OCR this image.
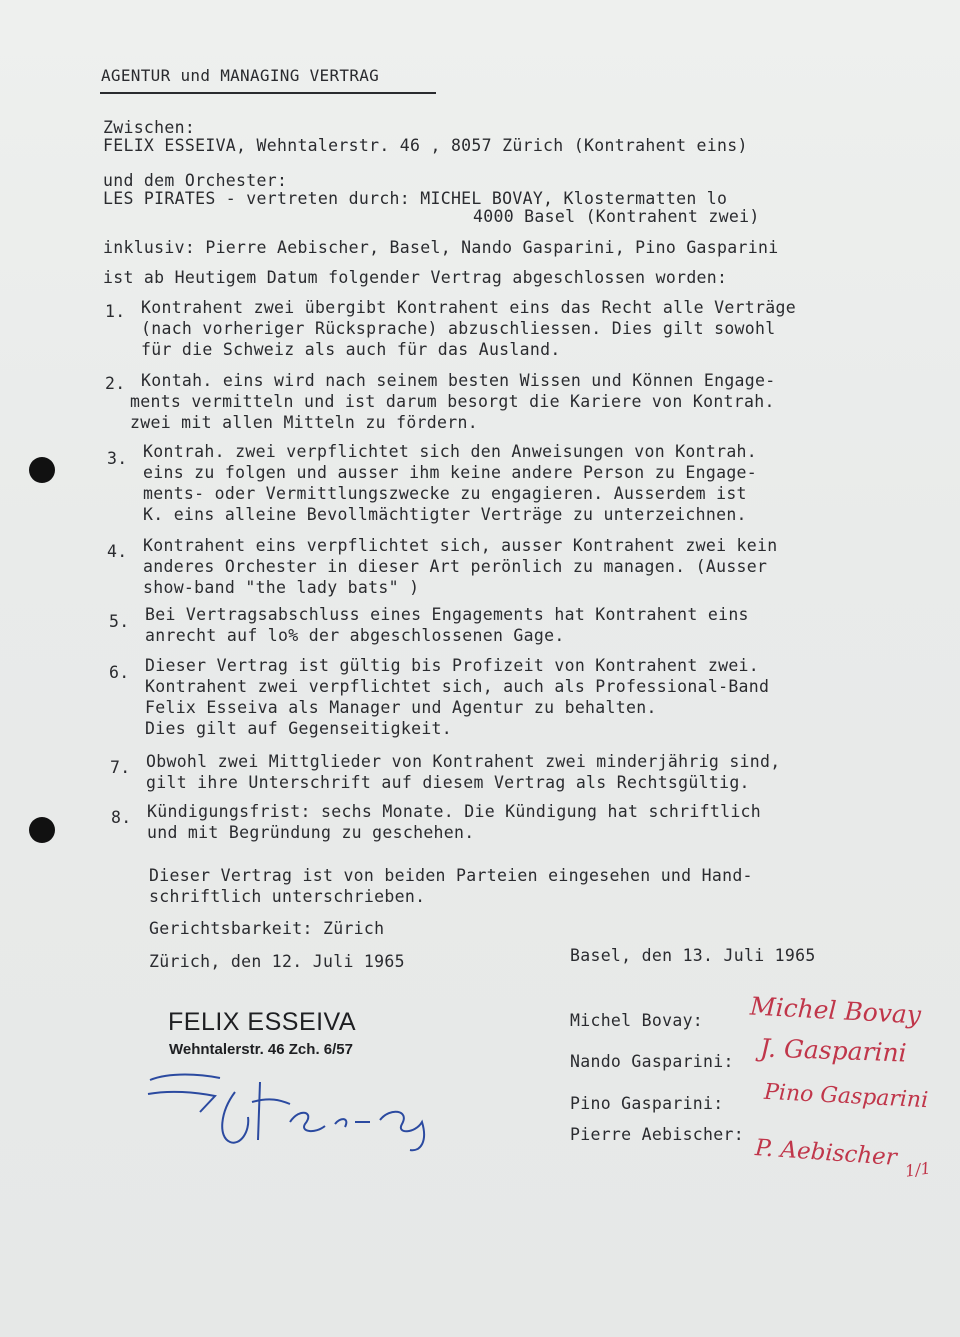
AGENTUR und MANAGING VERTRAG
Zwischen:
FELIX ESSEIVA, Wehntalerstr. 46 , 8057 Zürich (Kontrahent eins)
und dem Orchester:
LES PIRATES - vertreten durch: MICHEL BOVAY, Klostermatten lo
4000 Basel (Kontrahent zwei)
inklusiv: Pierre Aebischer, Basel, Nando Gasparini, Pino Gasparini
ist ab Heutigem Datum folgender Vertrag abgeschlossen worden:
1. Kontrahent zwei übergibt Kontrahent eins das Recht alle Verträge
(nach vorheriger Rücksprache) abzuschliessen. Dies gilt sowohl
für die Schweiz als auch für das Ausland.
2. Kontah. eins wird nach seinem besten Wissen und Können Engage-
ments vermitteln und ist darum besorgt die Kariere von Kontrah.
zwei mit allen Mitteln zu fördern.
3. Kontrah. zwei verpflichtet sich den Anweisungen von Kontrah.
eins zu folgen und ausser ihm keine andere Person zu Engage-
ments- oder Vermittlungszwecke zu engagieren. Ausserdem ist
K. eins alleine Bevollmächtigter Verträge zu unterzeichnen.
4. Kontrahent eins verpflichtet sich, ausser Kontrahent zwei kein
anderes Orchester in dieser Art perönlich zu managen. (Ausser
show-band "the lady bats" )
5. Bei Vertragsabschluss eines Engagements hat Kontrahent eins
anrecht auf lo% der abgeschlossenen Gage.
6. Dieser Vertrag ist gültig bis Profizeit von Kontrahent zwei.
Kontrahent zwei verpflichtet sich, auch als Professional-Band
Felix Esseiva als Manager und Agentur zu behalten.
Dies gilt auf Gegenseitigkeit.
7. Obwohl zwei Mittglieder von Kontrahent zwei minderjährig sind,
gilt ihre Unterschrift auf diesem Vertrag als Rechtsgültig.
8. Kündigungsfrist: sechs Monate. Die Kündigung hat schriftlich
und mit Begründung zu geschehen.
Dieser Vertrag ist von beiden Parteien eingesehen und Hand-
schriftlich unterschrieben.
Gerichtsbarkeit: Zürich
Zürich, den 12. Juli 1965	Basel, den 13. Juli 1965
FELIX ESSEIVA
Wehntalerstr. 46 Zch. 6/57
Michel Bovay:
Nando Gasparini:
Pino Gasparini:
Pierre Aebischer:
Michel Bovay
J. Gasparini
Pino Gasparini
P. Aebischer 1/1
